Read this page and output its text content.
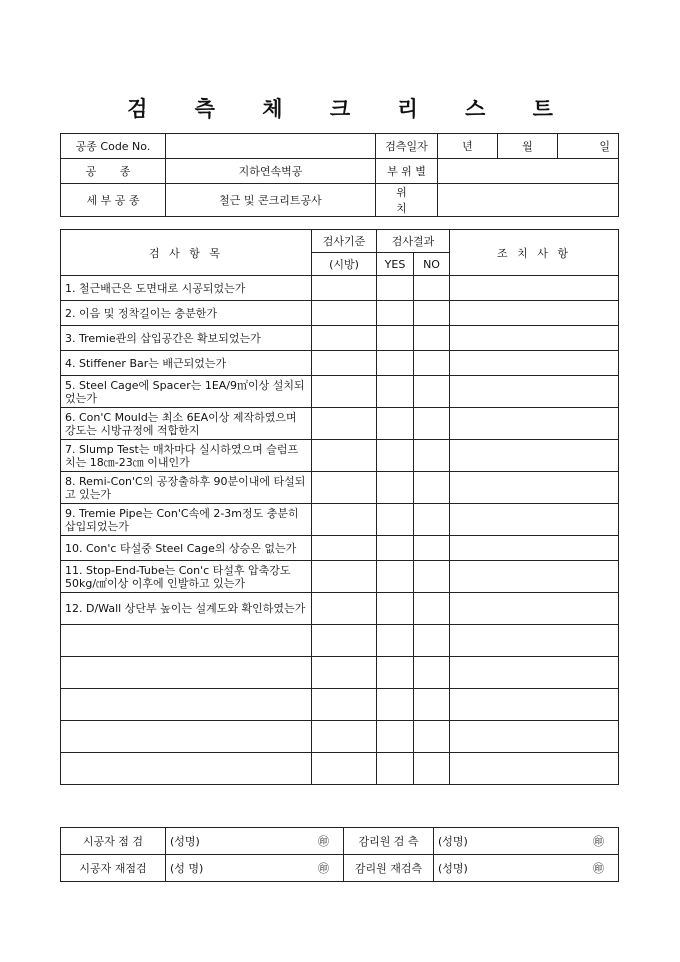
검 측 체 크 리 스 트
공종 Code No.		검측일자	년	월	일
공 종	지하연속벽공	부 위 별			
세 부 공 종	철근 및 콘크리트공사	위 치			
검 사 항 목	검사기준	검사결과		조 치 사 항
	(시방)	YES	NO	
1. 철근배근은 도면대로 시공되었는가				
2. 이음 및 정착길이는 충분한가				
3. Tremie관의 삽입공간은 확보되었는가				
4. Stiffener Bar는 배근되었는가				
5. Steel Cage에 Spacer는 1EA/9㎡이상 설치되었는가				
6. Con'C Mould는 최소 6EA이상 제작하였으며 강도는 시방규정에 적합한지				
7. Slump Test는 매차마다 실시하였으며 슬럼프치는 18㎝-23㎝ 이내인가				
8. Remi-Con'C의 공장출하후 90분이내에 타설되고 있는가				
9. Tremie Pipe는 Con'C속에 2-3m정도 충분히 삽입되었는가				
10. Con'c 타설중 Steel Cage의 상승은 없는가				
11. Stop-End-Tube는 Con'c 타설후 압축강도 50kg/㎠이상 이후에 인발하고 있는가				
12. D/Wall 상단부 높이는 설계도와 확인하였는가				

시공자 점 검	(성명)	㊞	감리원 검 측	(성명)	㊞
시공자 재점검	(성 명)	㊞	감리원 재검측	(성명)	㊞
